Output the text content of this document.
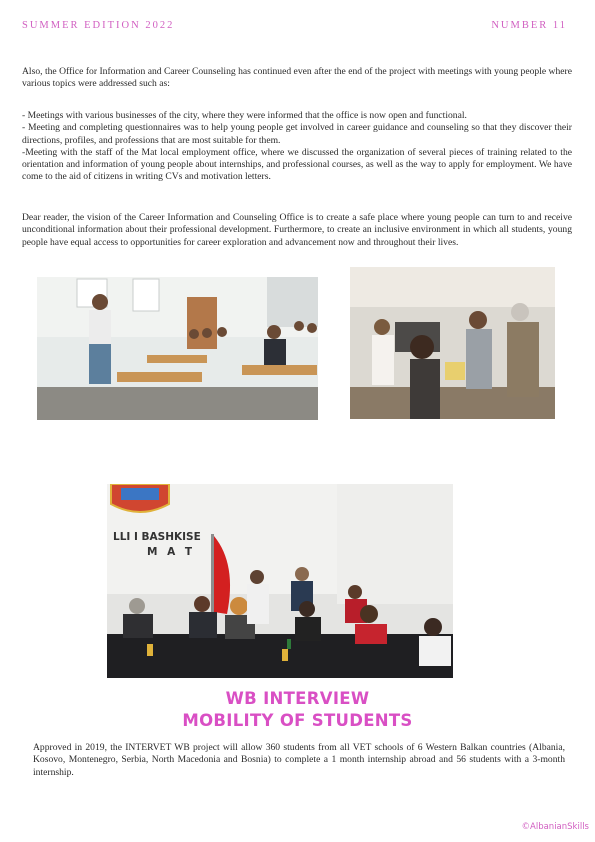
SUMMER EDITION 2022	NUMBER 11

Also, the Office for Information and Career Counseling has continued even after the end of the project with meetings with young people where various topics were addressed such as:

- Meetings with various businesses of the city, where they were informed that the office is now open and functional.

- Meeting and completing questionnaires was to help young people get involved in career guidance and counseling so that they discover their directions, profiles, and professions that are most suitable for them.

-Meeting with the staff of the Mat local employment office, where we discussed the organization of several pieces of training related to the orientation and information of young people about internships, and professional courses, as well as the way to apply for employment. We have come to the aid of citizens in writing CVs and motivation letters.

Dear reader, the vision of the Career Information and Counseling Office is to create a safe place where young people can turn to and receive unconditional information about their professional development. Furthermore, to create an inclusive environment in which all students, young people have equal access to opportunities for career exploration and advancement now and throughout their lives.

LLI I BASHKISE
M A T
WB INTERVIEW
MOBILITY OF STUDENTS

Approved in 2019, the INTERVET WB project will allow 360 students from all VET schools of 6 Western Balkan countries (Albania, Kosovo, Montenegro, Serbia, North Macedonia and Bosnia) to complete a 1 month internship abroad and 56 students with a 3-month internship.

©AlbanianSkills
